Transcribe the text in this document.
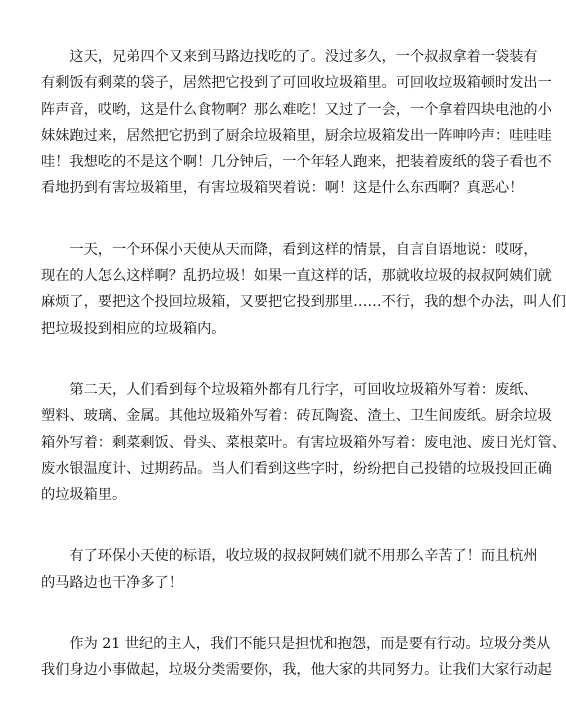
　　这天，兄弟四个又来到马路边找吃的了。没过多久，一个叔叔拿着一袋装有
有剩饭有剩菜的袋子，居然把它投到了可回收垃圾箱里。可回收垃圾箱顿时发出一
阵声音，哎哟，这是什么食物啊？那么难吃！又过了一会，一个拿着四块电池的小
妹妹跑过来，居然把它扔到了厨余垃圾箱里，厨余垃圾箱发出一阵呻吟声：哇哇哇
哇！我想吃的不是这个啊！几分钟后，一个年轻人跑来，把装着废纸的袋子看也不
看地扔到有害垃圾箱里，有害垃圾箱哭着说：啊！这是什么东西啊？真恶心！
　　一天，一个环保小天使从天而降，看到这样的情景，自言自语地说：哎呀，
现在的人怎么这样啊？乱扔垃圾！如果一直这样的话，那就收垃圾的叔叔阿姨们就
麻烦了，要把这个投回垃圾箱，又要把它投到那里……不行，我的想个办法，叫人们
把垃圾投到相应的垃圾箱内。
　　第二天，人们看到每个垃圾箱外都有几行字，可回收垃圾箱外写着：废纸、
塑料、玻璃、金属。其他垃圾箱外写着：砖瓦陶瓷、渣土、卫生间废纸。厨余垃圾
箱外写着：剩菜剩饭、骨头、菜根菜叶。有害垃圾箱外写着：废电池、废日光灯管、
废水银温度计、过期药品。当人们看到这些字时，纷纷把自己投错的垃圾投回正确
的垃圾箱里。
　　有了环保小天使的标语，收垃圾的叔叔阿姨们就不用那么辛苦了！而且杭州
的马路边也干净多了！
　　作为 21 世纪的主人，我们不能只是担忧和抱怨，而是要有行动。垃圾分类从
我们身边小事做起，垃圾分类需要你，我，他大家的共同努力。让我们大家行动起
